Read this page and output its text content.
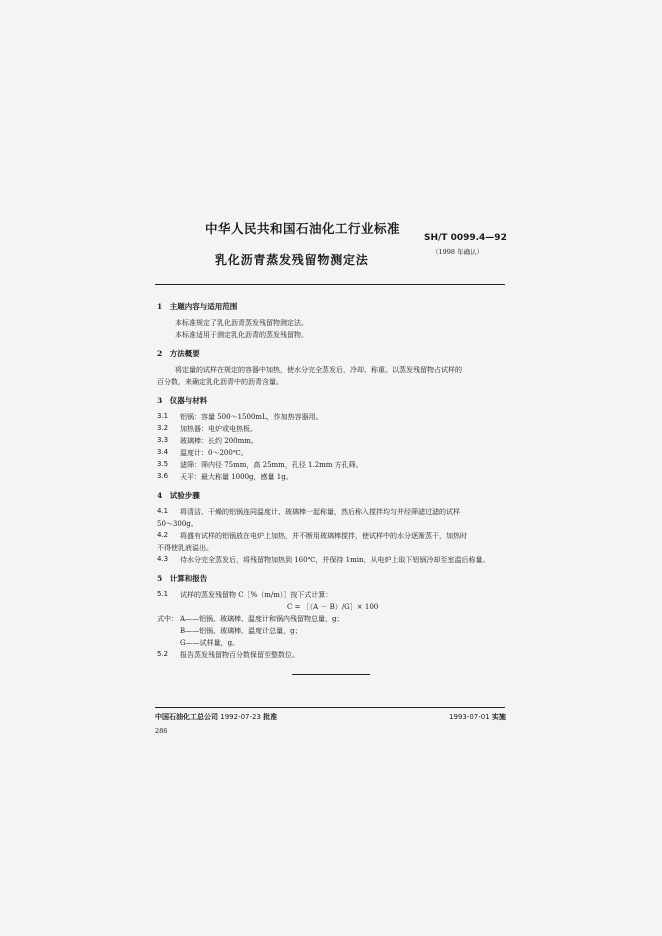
中华人民共和国石油化工行业标准
SH/T 0099.4—92
（1998 年确认）
乳化沥青蒸发残留物测定法
1　主题内容与适用范围
本标准规定了乳化沥青蒸发残留物测定法。
本标准适用于测定乳化沥青的蒸发残留物。
2　方法概要
将定量的试样在规定的容器中加热，使水分完全蒸发后，冷却、称重。以蒸发残留物占试样的
百分数，来确定乳化沥青中的沥青含量。
3　仪器与材料
3.1 铝锅：容量 500～1500mL，作加热容器用。
3.2 加热器：电炉或电热板。
3.3 玻璃棒：长约 200mm。
3.4 温度计：0～200℃。
3.5 滤筛：筛内径 75mm，高 25mm，孔径 1.2mm 方孔筛。
3.6 天平：最大称量 1000g，感量 1g。
4　试验步骤
4.1 将清洁、干燥的铝锅连同温度计、玻璃棒一起称量，然后称入搅拌均匀并经筛滤过滤的试样
50～300g。
4.2 将盛有试样的铝锅放在电炉上加热，并不断用玻璃棒搅拌，使试样中的水分逐渐蒸干，加热时
不得使乳液溢出。
4.3 待水分完全蒸发后，将残留物加热到 160℃，并保持 1min，从电炉上取下铝锅冷却至室温后称量。
5　计算和报告
5.1 试样的蒸发残留物 C［%（m/m）］按下式计算：
C = ［（A － B）/G］× 100
式中： A——铝锅、玻璃棒、温度计和锅内残留物总量，g；
B——铝锅、玻璃棒、温度计总量，g；
G——试样量，g。
5.2 报告蒸发残留物百分数保留至整数位。
中国石油化工总公司 1992-07-23 批准	1993-07-01 实施
286
